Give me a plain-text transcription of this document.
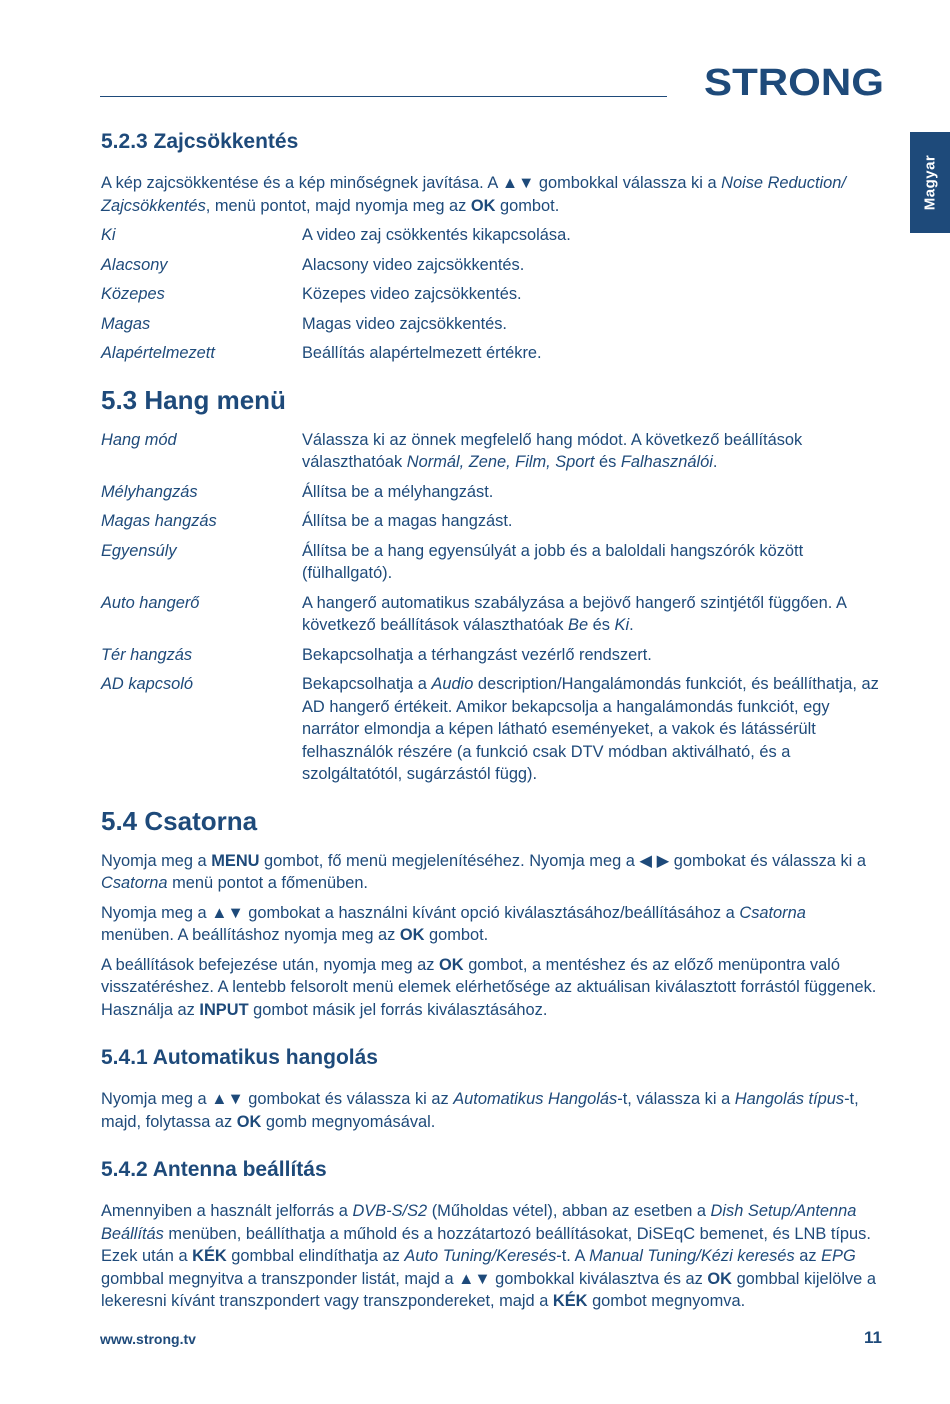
STRONG
Magyar
5.2.3 Zajcsökkentés

A kép zajcsökkentése és a kép minőségnek javítása. A ▲▼ gombokkal válassza ki a Noise Reduction/ Zajcsökkentés, menü pontot, majd nyomja meg az OK gombot.

Ki	A video zaj csökkentés kikapcsolása.
Alacsony	Alacsony video zajcsökkentés.
Közepes	Közepes video zajcsökkentés.
Magas	Magas video zajcsökkentés.
Alapértelmezett	Beállítás alapértelmezett értékre.
5.3 Hang menü
Hang mód	Válassza ki az önnek megfelelő hang módot. A következő beállítások választhatóak Normál, Zene, Film, Sport és Falhasználói.
Mélyhangzás	Állítsa be a mélyhangzást.
Magas hangzás	Állítsa be a magas hangzást.
Egyensúly	Állítsa be a hang egyensúlyát a jobb és a baloldali hangszórók között (fülhallgató).
Auto hangerő	A hangerő automatikus szabályzása a bejövő hangerő szintjétől függően. A következő beállítások választhatóak Be és Ki.
Tér hangzás	Bekapcsolhatja a térhangzást vezérlő rendszert.
AD kapcsoló	Bekapcsolhatja a Audio description/Hangalámondás funkciót, és beállíthatja, az AD hangerő értékeit. Amikor bekapcsolja a hangalámondás funkciót, egy narrátor elmondja a képen látható eseményeket, a vakok és látássérült felhasználók részére (a funkció csak DTV módban aktiválható, és a szolgáltatótól, sugárzástól függ).
5.4 Csatorna

Nyomja meg a MENU gombot, fő menü megjelenítéséhez. Nyomja meg a ◀ ▶ gombokat és válassza ki a Csatorna menü pontot a főmenüben.

Nyomja meg a ▲▼ gombokat a használni kívánt opció kiválasztásához/beállításához a Csatorna menüben. A beállításhoz nyomja meg az OK gombot.

A beállítások befejezése után, nyomja meg az OK gombot, a mentéshez és az előző menüpontra való visszatéréshez. A lentebb felsorolt menü elemek elérhetősége az aktuálisan kiválasztott forrástól függenek. Használja az INPUT gombot másik jel forrás kiválasztásához.

5.4.1 Automatikus hangolás

Nyomja meg a ▲▼ gombokat és válassza ki az Automatikus Hangolás-t, válassza ki a Hangolás típus-t, majd, folytassa az OK gomb megnyomásával.

5.4.2 Antenna beállítás

Amennyiben a használt jelforrás a DVB-S/S2 (Műholdas vétel), abban az esetben a Dish Setup/Antenna Beállítás menüben, beállíthatja a műhold és a hozzátartozó beállításokat, DiSEqC bemenet, és LNB típus. Ezek után a KÉK gombbal elindíthatja az Auto Tuning/Keresés-t. A Manual Tuning/Kézi keresés az EPG gombbal megnyitva a transzponder listát, majd a ▲▼ gombokkal kiválasztva és az OK gombbal kijelölve a lekeresni kívánt transzpondert vagy transzpondereket, majd a KÉK gombot megnyomva.

www.strong.tv	11
